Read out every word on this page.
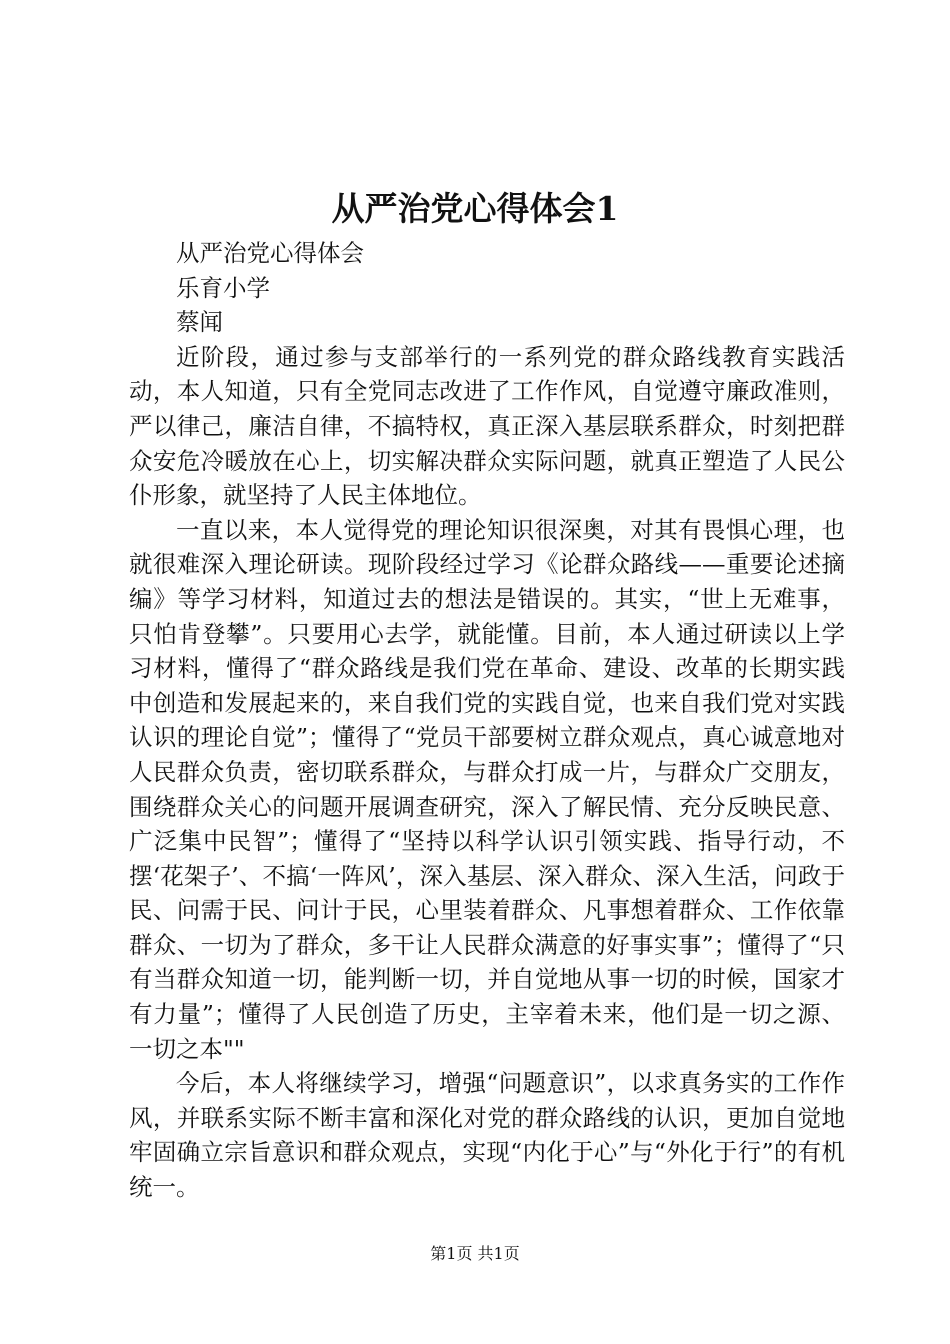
从严治党心得体会1

从严治党心得体会

乐育小学

蔡闻

近阶段，通过参与支部举行的一系列党的群众路线教育实践活动，本人知道，只有全党同志改进了工作作风，自觉遵守廉政准则，严以律己，廉洁自律，不搞特权，真正深入基层联系群众，时刻把群众安危冷暖放在心上，切实解决群众实际问题，就真正塑造了人民公仆形象，就坚持了人民主体地位。

一直以来，本人觉得党的理论知识很深奥，对其有畏惧心理，也就很难深入理论研读。现阶段经过学习《论群众路线——重要论述摘编》等学习材料，知道过去的想法是错误的。其实，“世上无难事，只怕肯登攀”。只要用心去学，就能懂。目前，本人通过研读以上学习材料，懂得了“群众路线是我们党在革命、建设、改革的长期实践中创造和发展起来的，来自我们党的实践自觉，也来自我们党对实践认识的理论自觉”；懂得了“党员干部要树立群众观点，真心诚意地对人民群众负责，密切联系群众，与群众打成一片，与群众广交朋友，围绕群众关心的问题开展调查研究，深入了解民情、充分反映民意、广泛集中民智”；懂得了“坚持以科学认识引领实践、指导行动，不摆‘花架子’、不搞‘一阵风’，深入基层、深入群众、深入生活，问政于民、问需于民、问计于民，心里装着群众、凡事想着群众、工作依靠群众、一切为了群众，多干让人民群众满意的好事实事”；懂得了“只有当群众知道一切，能判断一切，并自觉地从事一切的时候，国家才有力量”；懂得了人民创造了历史，主宰着未来，他们是一切之源、一切之本""

今后，本人将继续学习，增强“问题意识”，以求真务实的工作作风，并联系实际不断丰富和深化对党的群众路线的认识，更加自觉地牢固确立宗旨意识和群众观点，实现“内化于心”与“外化于行”的有机统一。

第1页 共1页
